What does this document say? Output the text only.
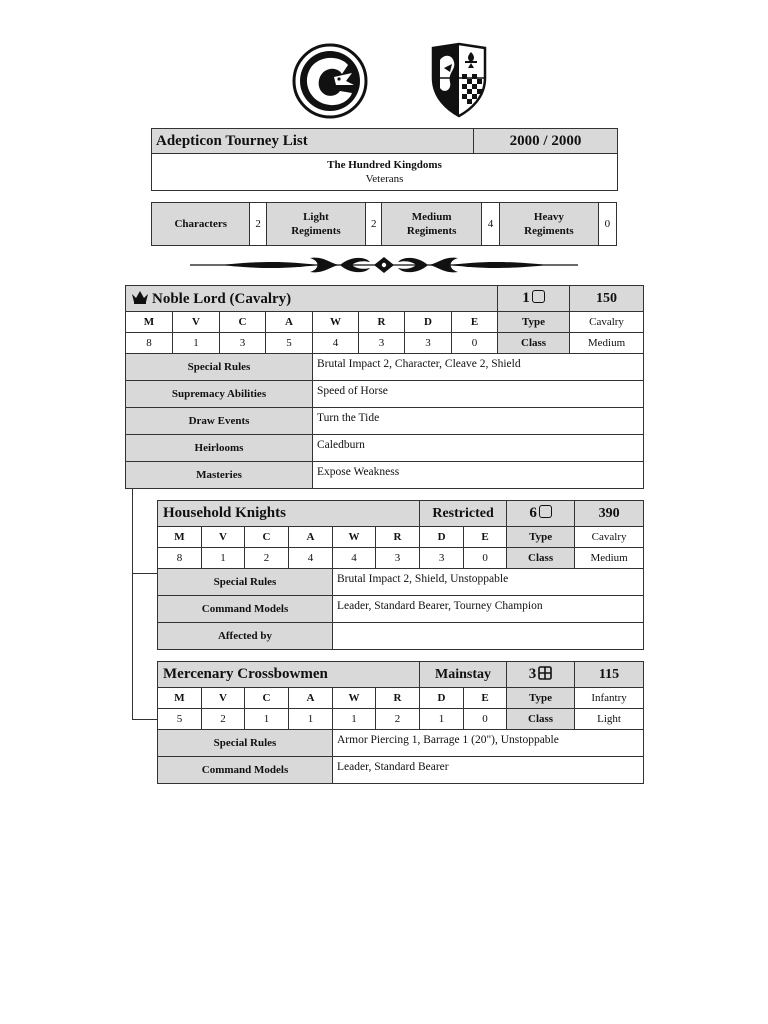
Adepticon Tourney List	2000 / 2000

The Hundred Kingdoms
Veterans
Characters	2	
Light
Regiments
	2	
Medium
Regiments
	4	
Heavy
Regiments
	0
Noble Lord (Cavalry)								1	150
M	V	C	A	W	R	D	E	Type	Cavalry
8	1	3	5	4	3	3	0	Class	Medium
Special Rules				Brutal Impact 2, Character, Cleave 2, Shield					
Supremacy Abilities				Speed of Horse					
Draw Events				Turn the Tide					
Heirlooms				Caledburn					
Masteries				Expose Weakness					
Household Knights						Restricted		6	390
M	V	C	A	W	R	D	E	Type	Cavalry
8	1	2	4	4	3	3	0	Class	Medium
Special Rules				Brutal Impact 2, Shield, Unstoppable					
Command Models				Leader, Standard Bearer, Tourney Champion					
Affected by									
Mercenary Crossbowmen						Mainstay		3	115
M	V	C	A	W	R	D	E	Type	Infantry
5	2	1	1	1	2	1	0	Class	Light
Special Rules				Armor Piercing 1, Barrage 1 (20"), Unstoppable					
Command Models				Leader, Standard Bearer					
